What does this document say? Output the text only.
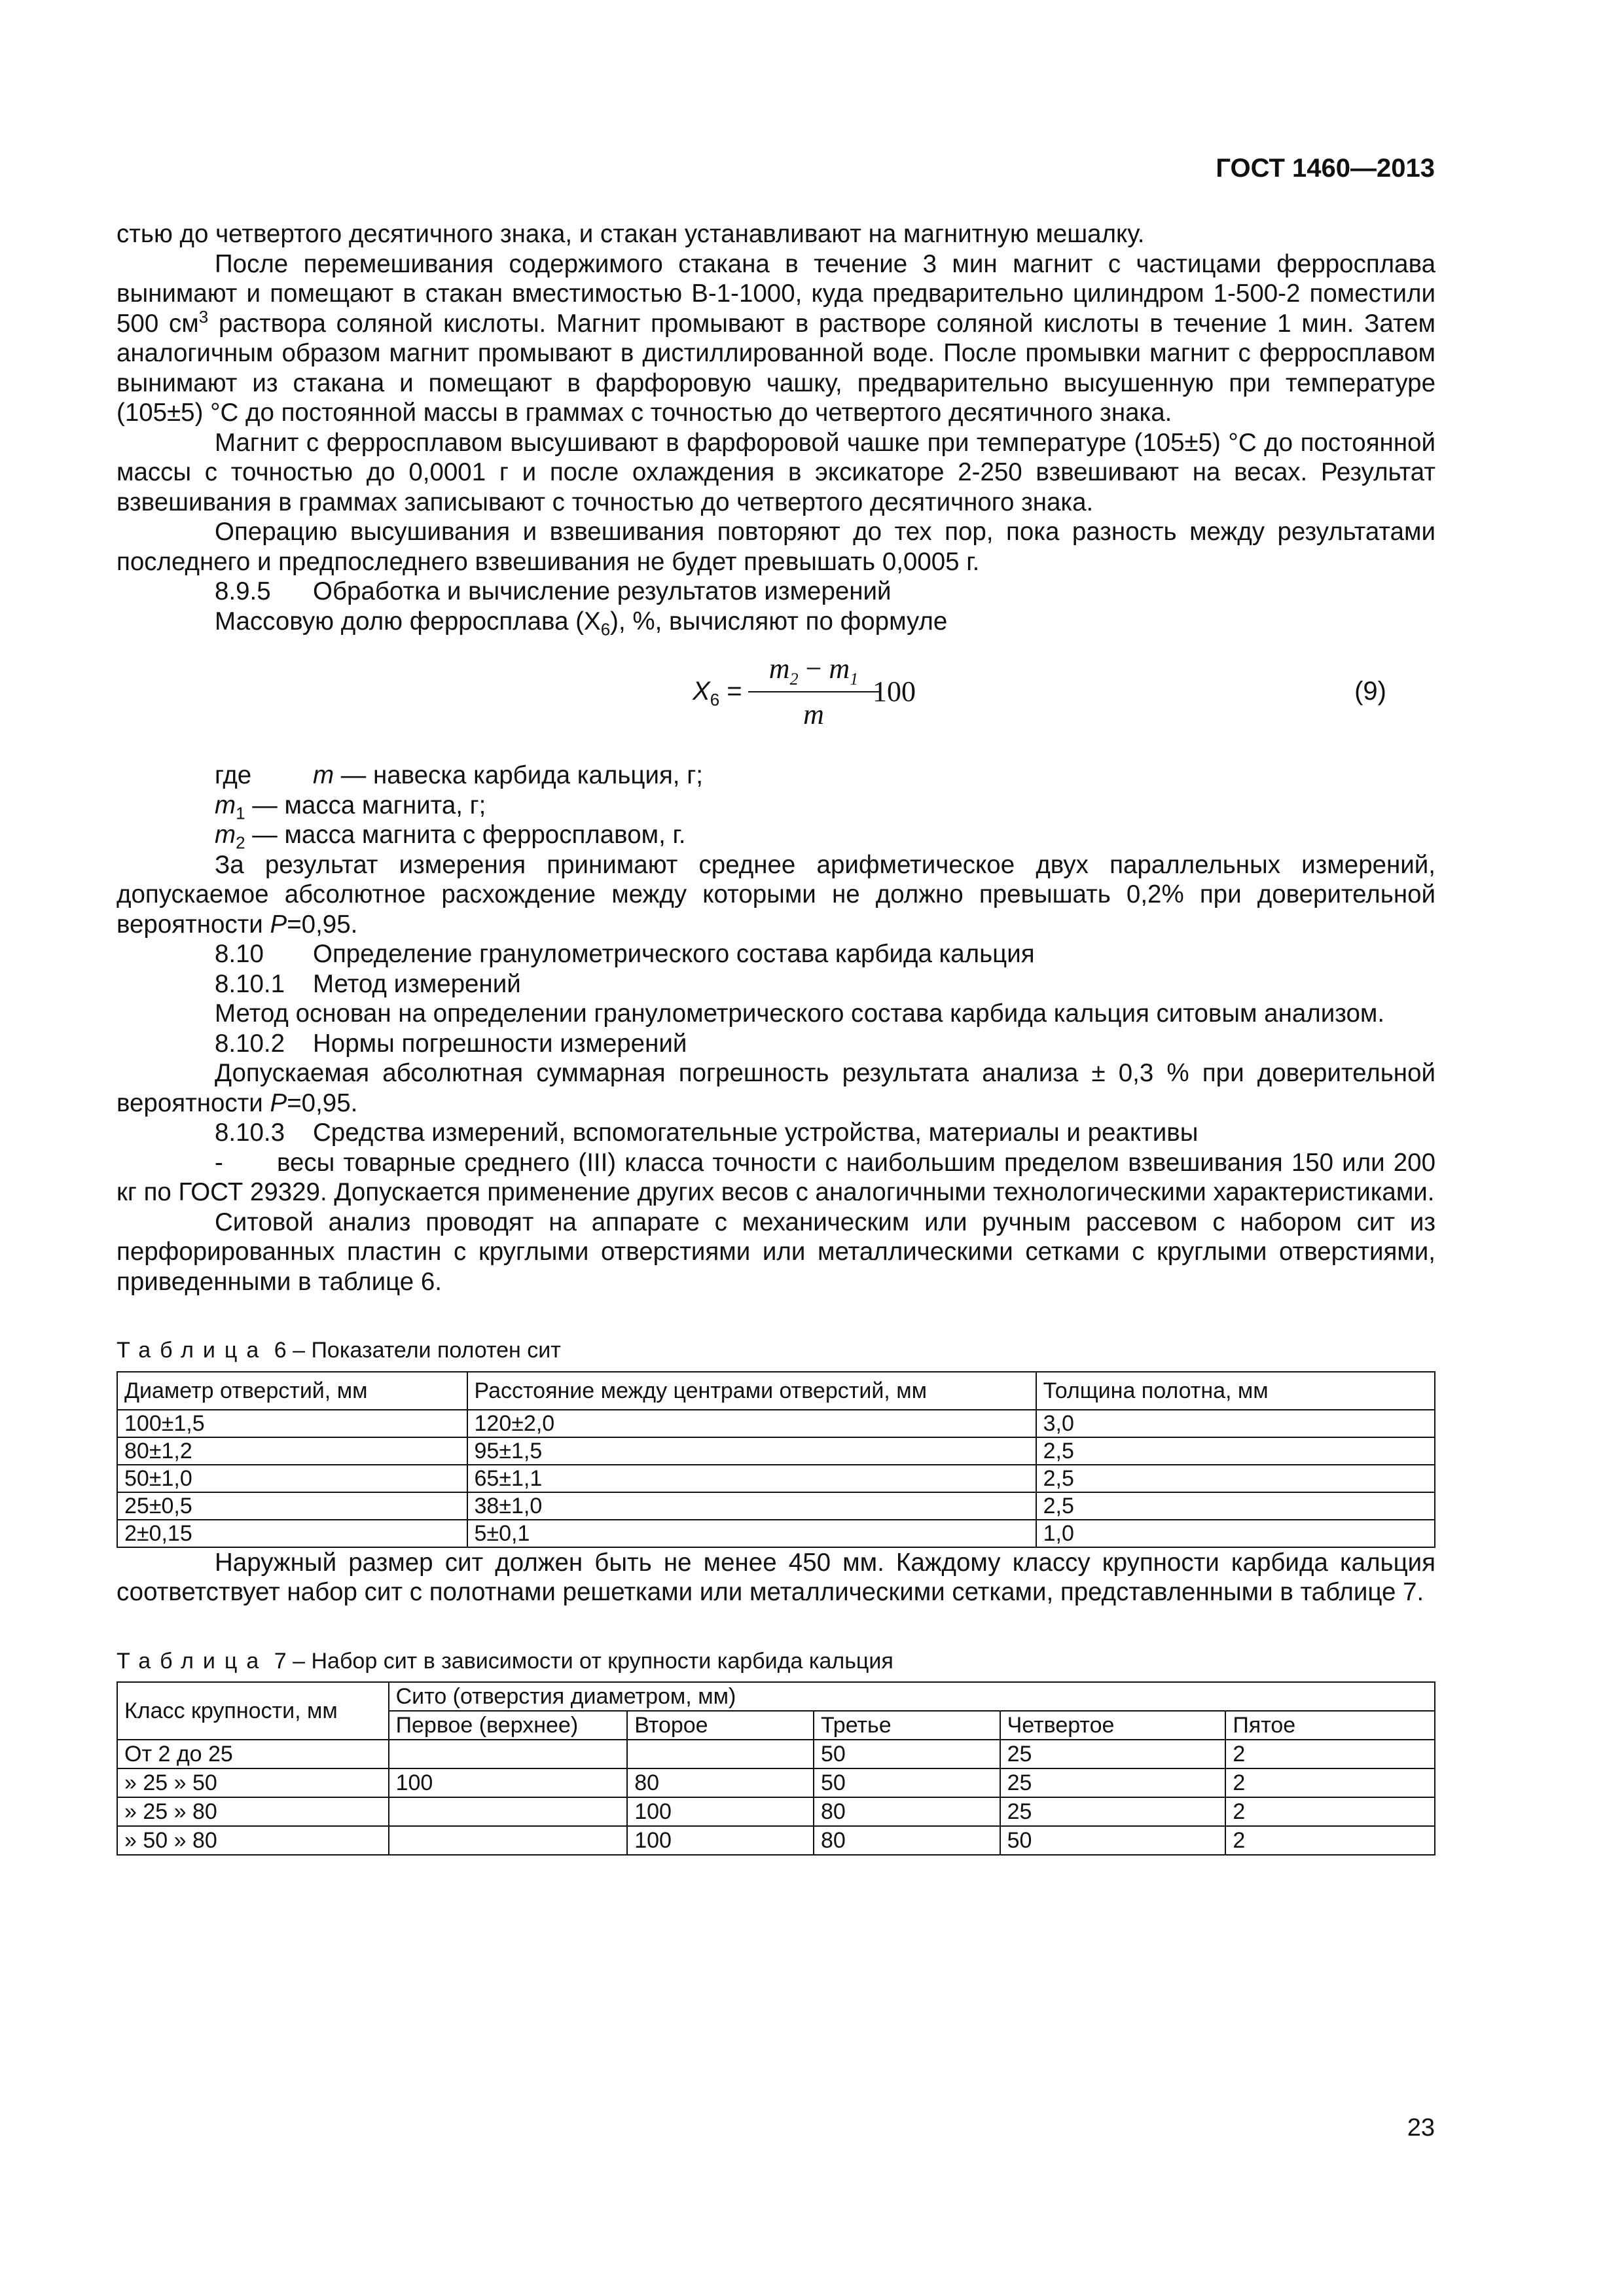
ГОСТ 1460—2013

стью до четвертого десятичного знака, и стакан устанавливают на магнитную мешалку.

После перемешивания содержимого стакана в течение 3 мин магнит с частицами ферросплава вынимают и помещают в стакан вместимостью В-1-1000, куда предварительно цилиндром 1-500-2 поместили 500 $см^3$ раствора соляной кислоты. Магнит промывают в растворе соляной кислоты в течение 1 мин. Затем аналогичным образом магнит промывают в дистиллированной воде. После промывки магнит с ферросплавом вынимают из стакана и помещают в фарфоровую чашку, предварительно высушенную при температуре (105±5) °С до постоянной массы в граммах с точностью до четвертого десятичного знака.

Магнит с ферросплавом высушивают в фарфоровой чашке при температуре (105±5) °С до постоянной массы с точностью до 0,0001 г и после охлаждения в эксикаторе 2-250 взвешивают на весах. Результат взвешивания в граммах записывают с точностью до четвертого десятичного знака.

Операцию высушивания и взвешивания повторяют до тех пор, пока разность между результатами последнего и предпоследнего взвешивания не будет превышать 0,0005 г.

8.9.5 Обработка и вычисление результатов измерений

Массовую долю ферросплава $(Х_6)$, %, вычисляют по формуле

$X_6$ =
$m_2 - m_1$
m
100	(9)
где m — навеска карбида кальция, г;
$m_1$ — масса магнита, г;
$m_2$ — масса магнита с ферросплавом, г.

За результат измерения принимают среднее арифметическое двух параллельных измерений, допускаемое абсолютное расхождение между которыми не должно превышать 0,2% при доверительной вероятности P=0,95.

8.10 Определение гранулометрического состава карбида кальция

8.10.1 Метод измерений

Метод основан на определении гранулометрического состава карбида кальция ситовым анализом.

8.10.2 Нормы погрешности измерений

Допускаемая абсолютная суммарная погрешность результата анализа ± 0,3 % при доверительной вероятности P=0,95.

8.10.3 Средства измерений, вспомогательные устройства, материалы и реактивы

- весы товарные среднего (III) класса точности с наибольшим пределом взвешивания 150 или 200 кг по ГОСТ 29329. Допускается применение других весов с аналогичными технологическими характеристиками.

Ситовой анализ проводят на аппарате с механическим или ручным рассевом с набором сит из перфорированных пластин с круглыми отверстиями или металлическими сетками с круглыми отверстиями, приведенными в таблице 6.

Таблица 6 – Показатели полотен сит
Диаметр отверстий, мм	Расстояние между центрами отверстий, мм	Толщина полотна, мм
100±1,5	120±2,0	3,0
80±1,2	95±1,5	2,5
50±1,0	65±1,1	2,5
25±0,5	38±1,0	2,5
2±0,15	5±0,1	1,0

Наружный размер сит должен быть не менее 450 мм. Каждому классу крупности карбида кальция соответствует набор сит с полотнами решетками или металлическими сетками, представленными в таблице 7.

Таблица 7 – Набор сит в зависимости от крупности карбида кальция
Класс крупности, мм	Сито (отверстия диаметром, мм)				
	Первое (верхнее)	Второе	Третье	Четвертое	Пятое
От 2 до 25			50	25	2
» 25 » 50	100	80	50	25	2
» 25 » 80		100	80	25	2
» 50 » 80		100	80	50	2
23
